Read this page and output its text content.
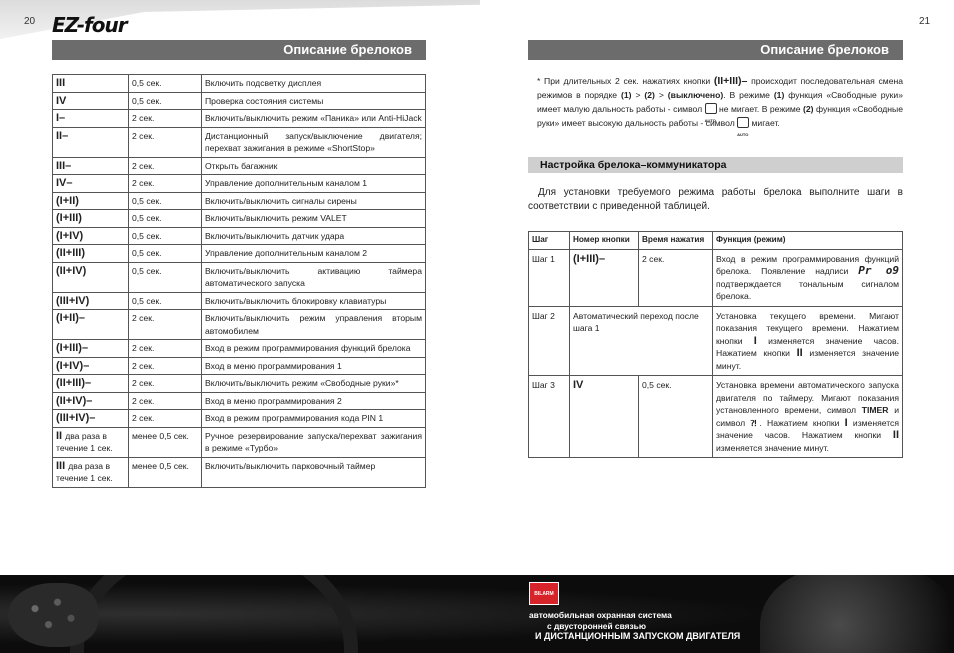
EZ-four
20	21
Описание брелоков	Описание брелоков
III	0,5 сек.	Включить подсветку дисплея
IV	0,5 сек.	Проверка состояния системы
I–	2 сек.	Включить/выключить режим «Паника» или Anti-HiJack
II–	2 сек.	Дистанционный запуск/выключение двигателя; перехват зажигания в режиме «ShortStop»
III–	2 сек.	Открыть багажник
IV–	2 сек.	Управление дополнительным каналом 1
(I+II)	0,5 сек.	Включить/выключить сигналы сирены
(I+III)	0,5 сек.	Включить/выключить режим VALET
(I+IV)	0,5 сек.	Включить/выключить датчик удара
(II+III)	0,5 сек.	Управление дополнительным каналом 2
(II+IV)	0,5 сек.	Включить/выключить активацию таймера автоматического запуска
(III+IV)	0,5 сек.	Включить/выключить блокировку клавиатуры
(I+II)–	2 сек.	Включить/выключить режим управления вторым автомобилем
(I+III)–	2 сек.	Вход в режим программирования функций брелока
(I+IV)–	2 сек.	Вход в меню программирования 1
(II+III)–	2 сек.	Включить/выключить режим «Свободные руки»*
(II+IV)–	2 сек.	Вход в меню программирования 2
(III+IV)–	2 сек.	Вход в режим программирования кода PIN 1
II два раза в течение 1 сек.	менее 0,5 сек.	Ручное резервирование запуска/перехват зажигания в режиме «Турбо»
III два раза в течение 1 сек.	менее 0,5 сек.	Включить/выключить парковочный таймер
* При длительных 2 сек. нажатиях кнопки (II+III)– происходит последовательная смена режимов в порядке (1) > (2) > (выключено). В режиме (1) функция «Свободные руки» имеет малую дальность работы - символ AUTO не мигает. В режиме (2) функция «Свободные руки» имеет высокую дальность работы - символ AUTO мигает.
Настройка брелока–коммуникатора
Для установки требуемого режима работы брелока выполните шаги в соответствии с приведенной таблицей.
Шаг	Номер кнопки	Время нажатия	Функция (режим)
Шаг 1	(I+III)–	2 сек.	Вход в режим программирования функций брелока. Появление надписи Pr o9 подтверждается тональным сигналом брелока.
Шаг 2	Автоматический переход после шага 1		Установка текущего времени. Мигают показания текущего времени. Нажатием кнопки I изменяется значение часов. Нажатием кнопки II изменяется значение минут.
Шаг 3	IV	0,5 сек.	Установка времени автоматического запуска двигателя по таймеру. Мигают показания установленного времени, символ TIMER и символ ⁈. Нажатием кнопки I изменяется значение часов. Нажатием кнопки II изменяется значение минут.
BILARM
автомобильная охранная система
с двусторонней связью
И ДИСТАНЦИОННЫМ ЗАПУСКОМ ДВИГАТЕЛЯ
